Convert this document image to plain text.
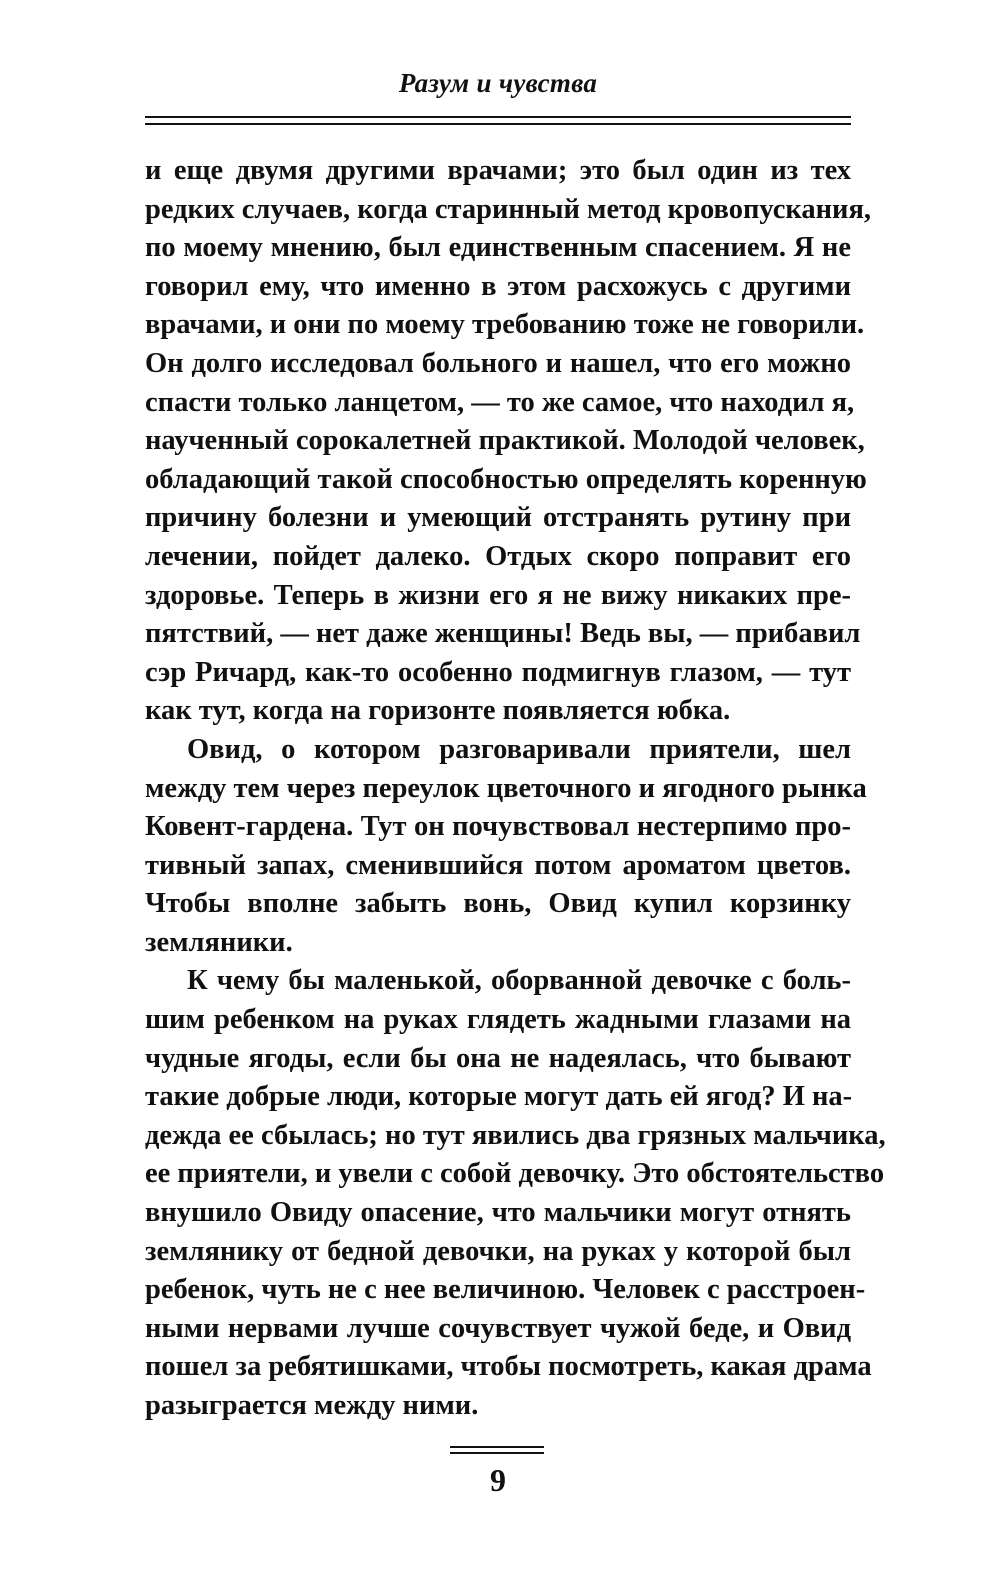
Разум и чувства
и еще двумя другими врачами; это был один из тех
редких случаев, когда старинный метод кровопускания,
по моему мнению, был единственным спасением. Я не
говорил ему, что именно в этом расхожусь с другими
врачами, и они по моему требованию тоже не говорили.
Он долго исследовал больного и нашел, что его можно
спасти только ланцетом, — то же самое, что находил я,
наученный сорокалетней практикой. Молодой человек,
обладающий такой способностью определять коренную
причину болезни и умеющий отстранять рутину при
лечении, пойдет далеко. Отдых скоро поправит его
здоровье. Теперь в жизни его я не вижу никаких пре-
пятствий, — нет даже женщины! Ведь вы, — прибавил
сэр Ричард, как-то особенно подмигнув глазом, — тут
как тут, когда на горизонте появляется юбка.
Овид, о котором разговаривали приятели, шел
между тем через переулок цветочного и ягодного рынка
Ковент-гардена. Тут он почувствовал нестерпимо про-
тивный запах, сменившийся потом ароматом цветов.
Чтобы вполне забыть вонь, Овид купил корзинку
земляники.
К чему бы маленькой, оборванной девочке с боль-
шим ребенком на руках глядеть жадными глазами на
чудные ягоды, если бы она не надеялась, что бывают
такие добрые люди, которые могут дать ей ягод? И на-
дежда ее сбылась; но тут явились два грязных мальчика,
ее приятели, и увели с собой девочку. Это обстоятельство
внушило Овиду опасение, что мальчики могут отнять
землянику от бедной девочки, на руках у которой был
ребенок, чуть не с нее величиною. Человек с расстроен-
ными нервами лучше сочувствует чужой беде, и Овид
пошел за ребятишками, чтобы посмотреть, какая драма
разыграется между ними.
9
